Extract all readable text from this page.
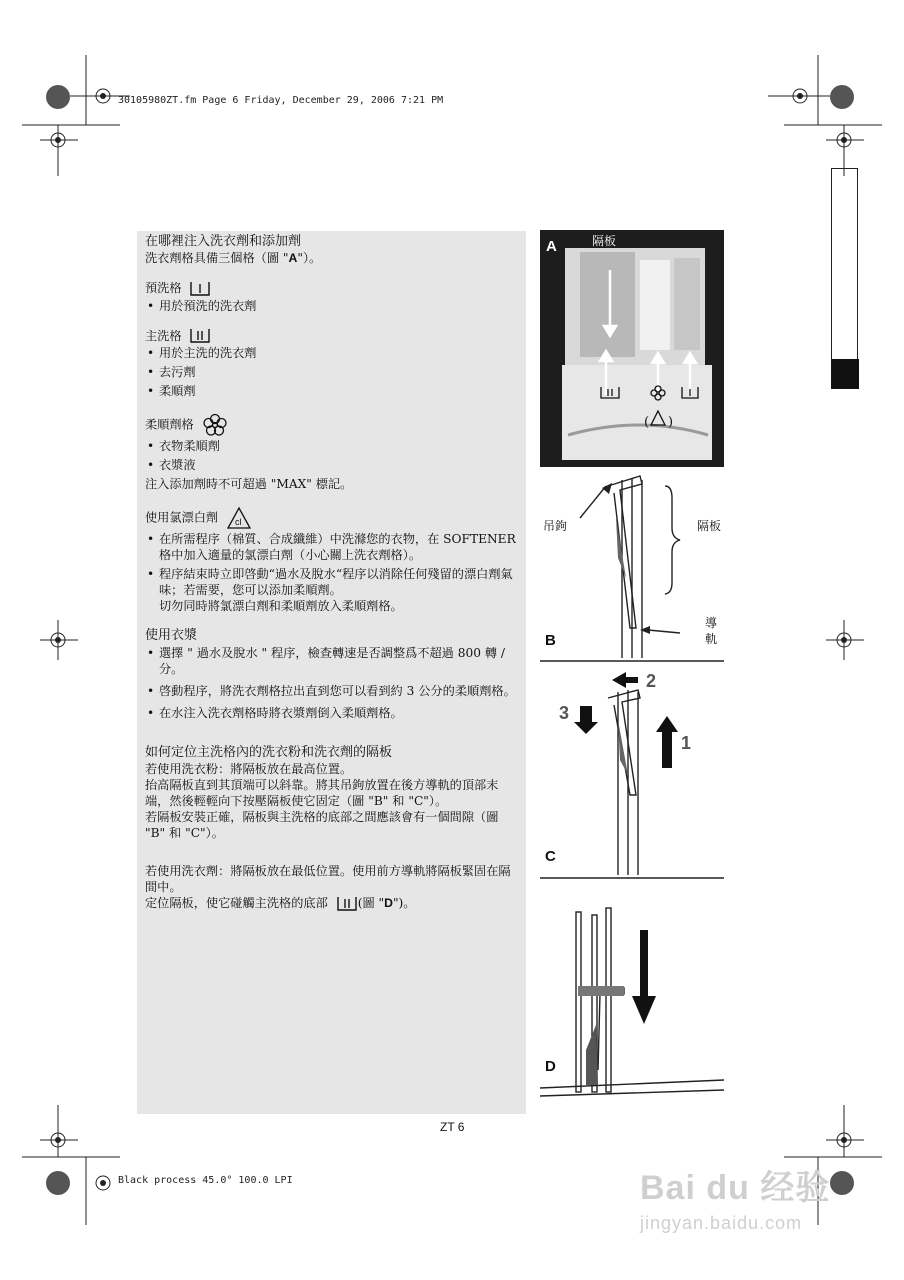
30105980ZT.fm Page 6 Friday, December 29, 2006 7:21 PM

在哪裡注入洗衣劑和添加劑

洗衣劑格具備三個格（圖 "A"）。

預洗格

• 用於預洗的洗衣劑

主洗格

• 用於主洗的洗衣劑
• 去污劑
• 柔順劑

柔順劑格

• 衣物柔順劑
• 衣漿液

注入添加劑時不可超過 "MAX" 標記。

使用氯漂白劑 cl

• 在所需程序（棉質、合成纖維）中洗滌您的衣物，在 SOFTENER 格中加入適量的氯漂白劑（小心關上洗衣劑格）。
• 程序結束時立即啓動“過水及脫水“程序以消除任何殘留的漂白劑氣味；若需要，您可以添加柔順劑。

切勿同時將氯漂白劑和柔順劑放入柔順劑格。

使用衣漿

• 選擇 " 過水及脫水 " 程序，檢查轉速是否調整爲不超過 800 轉 / 分。
• 啓動程序，將洗衣劑格拉出直到您可以看到約 3 公分的柔順劑格。
• 在水注入洗衣劑格時將衣漿劑倒入柔順劑格。

如何定位主洗格內的洗衣粉和洗衣劑的隔板

若使用洗衣粉：將隔板放在最高位置。

抬高隔板直到其頂端可以斜靠。將其吊鉤放置在後方導軌的頂部末端，然後輕輕向下按壓隔板使它固定（圖 "B" 和 "C"）。

若隔板安裝正確，隔板與主洗格的底部之間應該會有一個間隙（圖 "B" 和 "C"）。

若使用洗衣劑：將隔板放在最低位置。使用前方導軌將隔板緊固在隔間中。

定位隔板，使它碰觸主洗格的底部 (圖 "D")。

( )
A	隔板
B
吊鉤	隔板
導
軌
C
1
2
3
D
ZT 6
Black process 45.0° 100.0 LPI	Bai du 经验
jingyan.baidu.com
